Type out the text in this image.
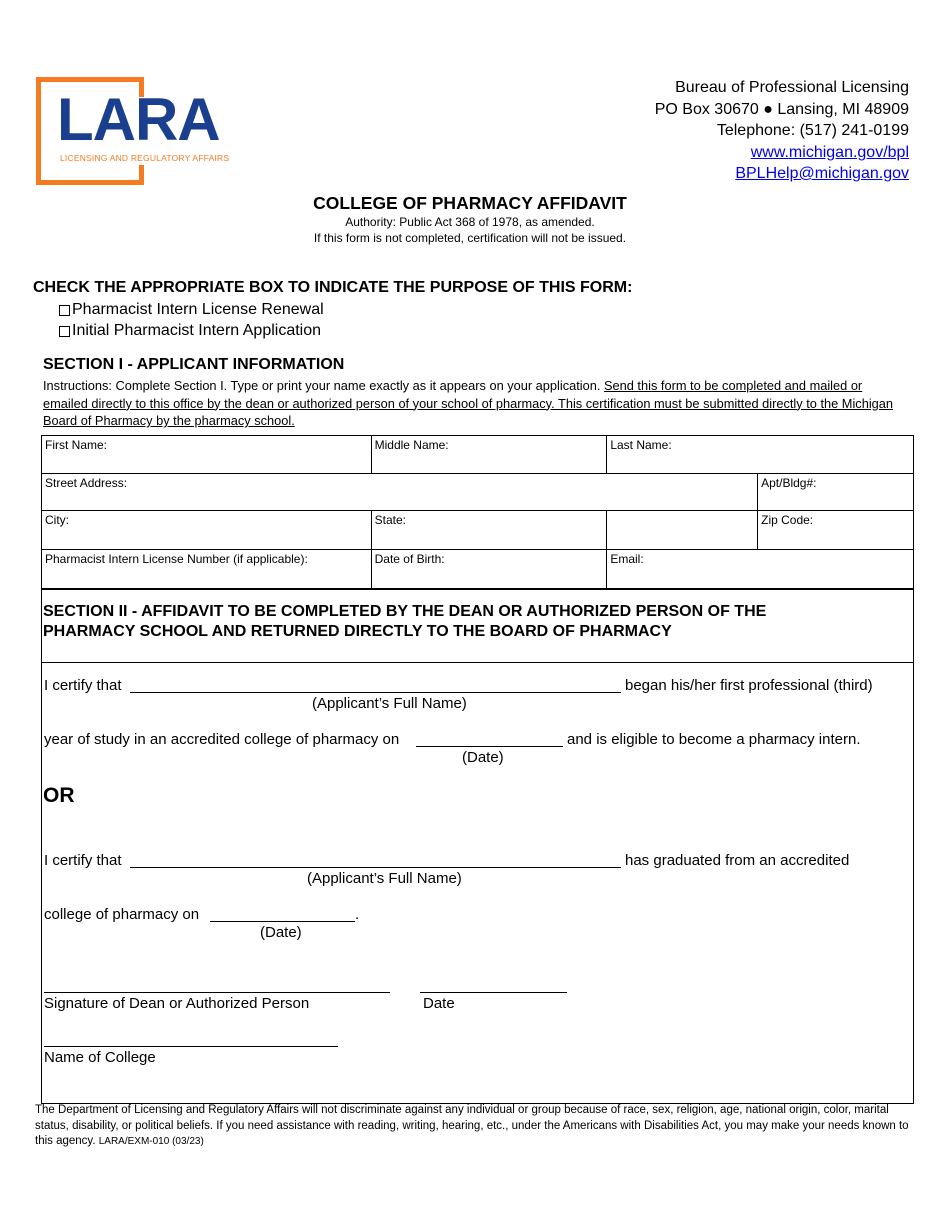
LARA
LICENSING AND REGULATORY AFFAIRS
Bureau of Professional Licensing
PO Box 30670 ● Lansing, MI 48909
Telephone: (517) 241-0199
www.michigan.gov/bpl
BPLHelp@michigan.gov
COLLEGE OF PHARMACY AFFIDAVIT
Authority: Public Act 368 of 1978, as amended.
If this form is not completed, certification will not be issued.
CHECK THE APPROPRIATE BOX TO INDICATE THE PURPOSE OF THIS FORM:
Pharmacist Intern License Renewal
Initial Pharmacist Intern Application
SECTION I - APPLICANT INFORMATION
Instructions: Complete Section I. Type or print your name exactly as it appears on your application. Send this form to be completed and mailed or emailed directly to this office by the dean or authorized person of your school of pharmacy. This certification must be submitted directly to the Michigan Board of Pharmacy by the pharmacy school.
First Name:	Middle Name:	Last Name:	
Street Address:			Apt/Bldg#:
City:	State:		Zip Code:
Pharmacist Intern License Number (if applicable):	Date of Birth:	Email:	
SECTION II - AFFIDAVIT TO BE COMPLETED BY THE DEAN OR AUTHORIZED PERSON OF THE
PHARMACY SCHOOL AND RETURNED DIRECTLY TO THE BOARD OF PHARMACY
I certify that	began his/her first professional (third)
(Applicant’s Full Name)
year of study in an accredited college of pharmacy on	and is eligible to become a pharmacy intern.
(Date)
OR
I certify that	has graduated from an accredited
(Applicant’s Full Name)
college of pharmacy on	.
(Date)
Signature of Dean or Authorized Person	Date
Name of College
The Department of Licensing and Regulatory Affairs will not discriminate against any individual or group because of race, sex, religion, age, national origin, color, marital status, disability, or political beliefs. If you need assistance with reading, writing, hearing, etc., under the Americans with Disabilities Act, you may make your needs known to this agency. LARA/EXM-010 (03/23)
